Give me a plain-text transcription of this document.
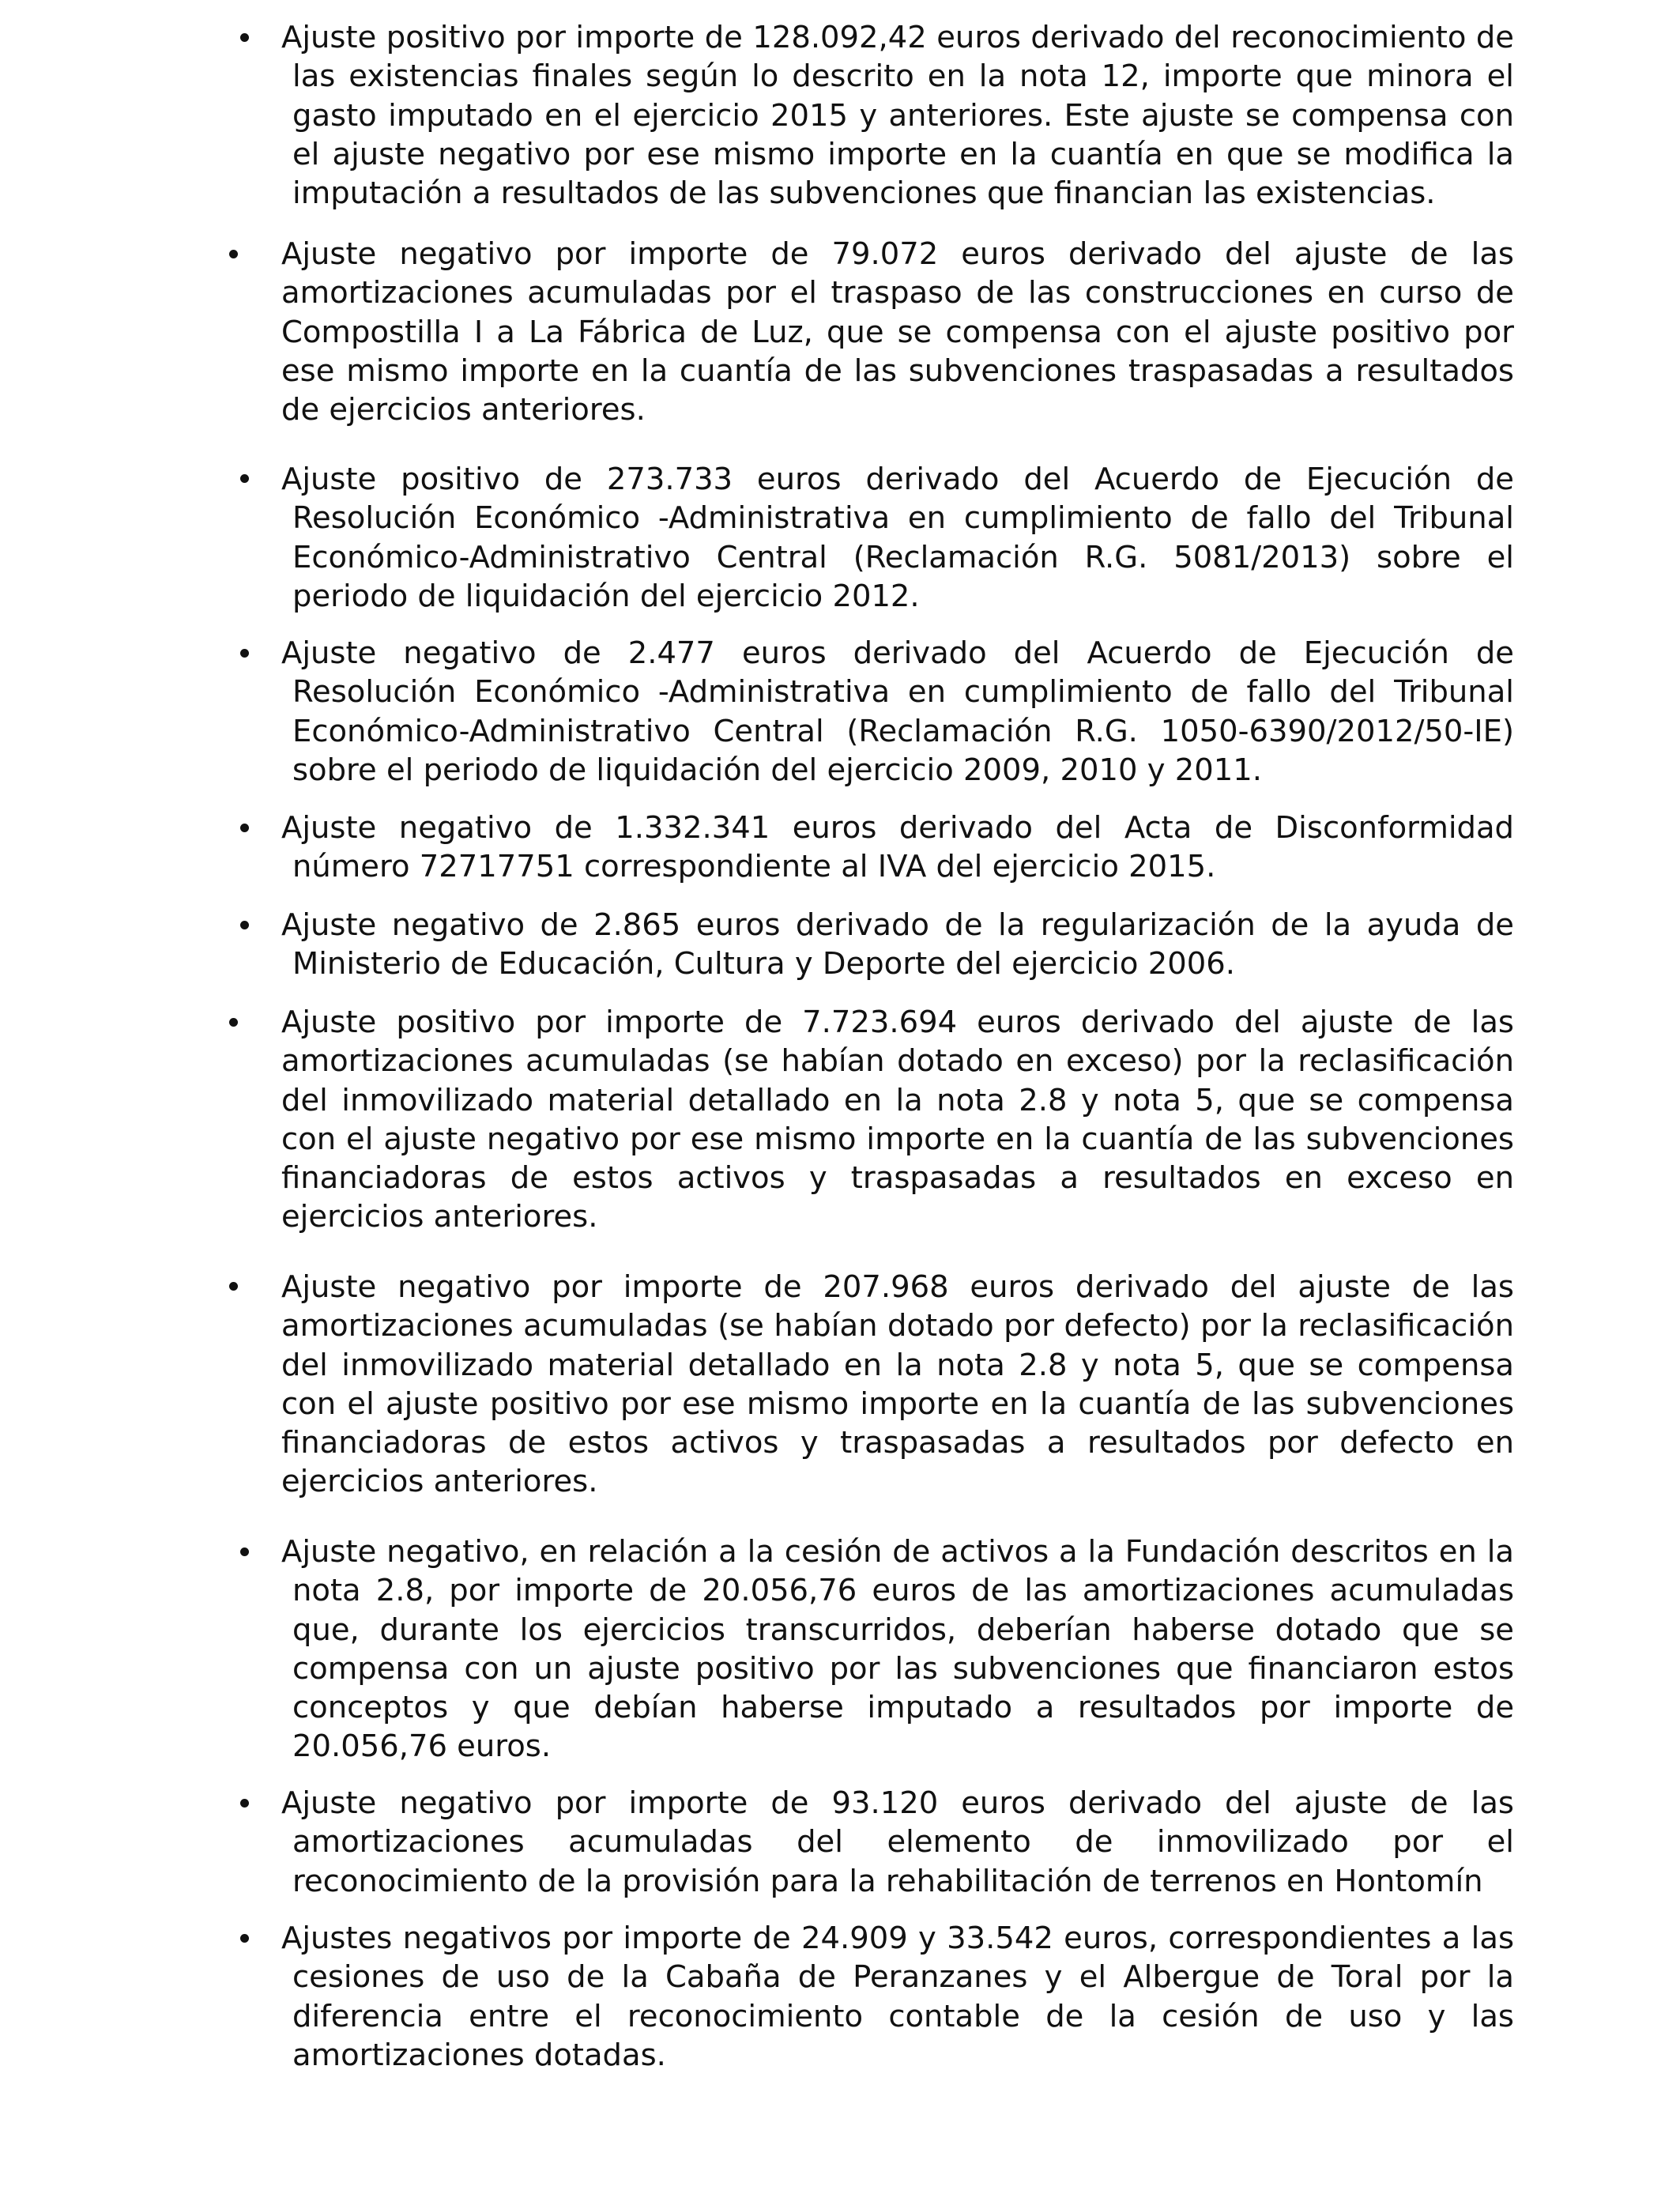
Ajuste positivo por importe de 128.092,42 euros derivado del reconocimiento de las existencias finales según lo descrito en la nota 12, importe que minora el gasto imputado en el ejercicio 2015 y anteriores. Este ajuste se compensa con el ajuste negativo por ese mismo importe en la cuantía en que se modifica la imputación a resultados de las subvenciones que financian las existencias.

Ajuste negativo por importe de 79.072 euros derivado del ajuste de las amortizaciones acumuladas por el traspaso de las construcciones en curso de Compostilla I a La Fábrica de Luz, que se compensa con el ajuste positivo por ese mismo importe en la cuantía de las subvenciones traspasadas a resultados de ejercicios anteriores.

Ajuste positivo de 273.733 euros derivado del Acuerdo de Ejecución de Resolución Económico -Administrativa en cumplimiento de fallo del Tribunal Económico-Administrativo Central (Reclamación R.G. 5081/2013) sobre el periodo de liquidación del ejercicio 2012.

Ajuste negativo de 2.477 euros derivado del Acuerdo de Ejecución de Resolución Económico -Administrativa en cumplimiento de fallo del Tribunal Económico-Administrativo Central (Reclamación R.G. 1050-6390/2012/50-IE) sobre el periodo de liquidación del ejercicio 2009, 2010 y 2011.

Ajuste negativo de 1.332.341 euros derivado del Acta de Disconformidad número 72717751 correspondiente al IVA del ejercicio 2015.

Ajuste negativo de 2.865 euros derivado de la regularización de la ayuda de Ministerio de Educación, Cultura y Deporte del ejercicio 2006.

Ajuste positivo por importe de 7.723.694 euros derivado del ajuste de las amortizaciones acumuladas (se habían dotado en exceso) por la reclasificación del inmovilizado material detallado en la nota 2.8 y nota 5, que se compensa con el ajuste negativo por ese mismo importe en la cuantía de las subvenciones financiadoras de estos activos y traspasadas a resultados en exceso en ejercicios anteriores.

Ajuste negativo por importe de 207.968 euros derivado del ajuste de las amortizaciones acumuladas (se habían dotado por defecto) por la reclasificación del inmovilizado material detallado en la nota 2.8 y nota 5, que se compensa con el ajuste positivo por ese mismo importe en la cuantía de las subvenciones financiadoras de estos activos y traspasadas a resultados por defecto en ejercicios anteriores.

Ajuste negativo, en relación a la cesión de activos a la Fundación descritos en la nota 2.8, por importe de 20.056,76 euros de las amortizaciones acumuladas que, durante los ejercicios transcurridos, deberían haberse dotado que se compensa con un ajuste positivo por las subvenciones que financiaron estos conceptos y que debían haberse imputado a resultados por importe de 20.056,76 euros.

Ajuste negativo por importe de 93.120 euros derivado del ajuste de las amortizaciones acumuladas del elemento de inmovilizado por el reconocimiento de la provisión para la rehabilitación de terrenos en Hontomín

Ajustes negativos por importe de 24.909 y 33.542 euros, correspondientes a las cesiones de uso de la Cabaña de Peranzanes y el Albergue de Toral por la diferencia entre el reconocimiento contable de la cesión de uso y las amortizaciones dotadas.
